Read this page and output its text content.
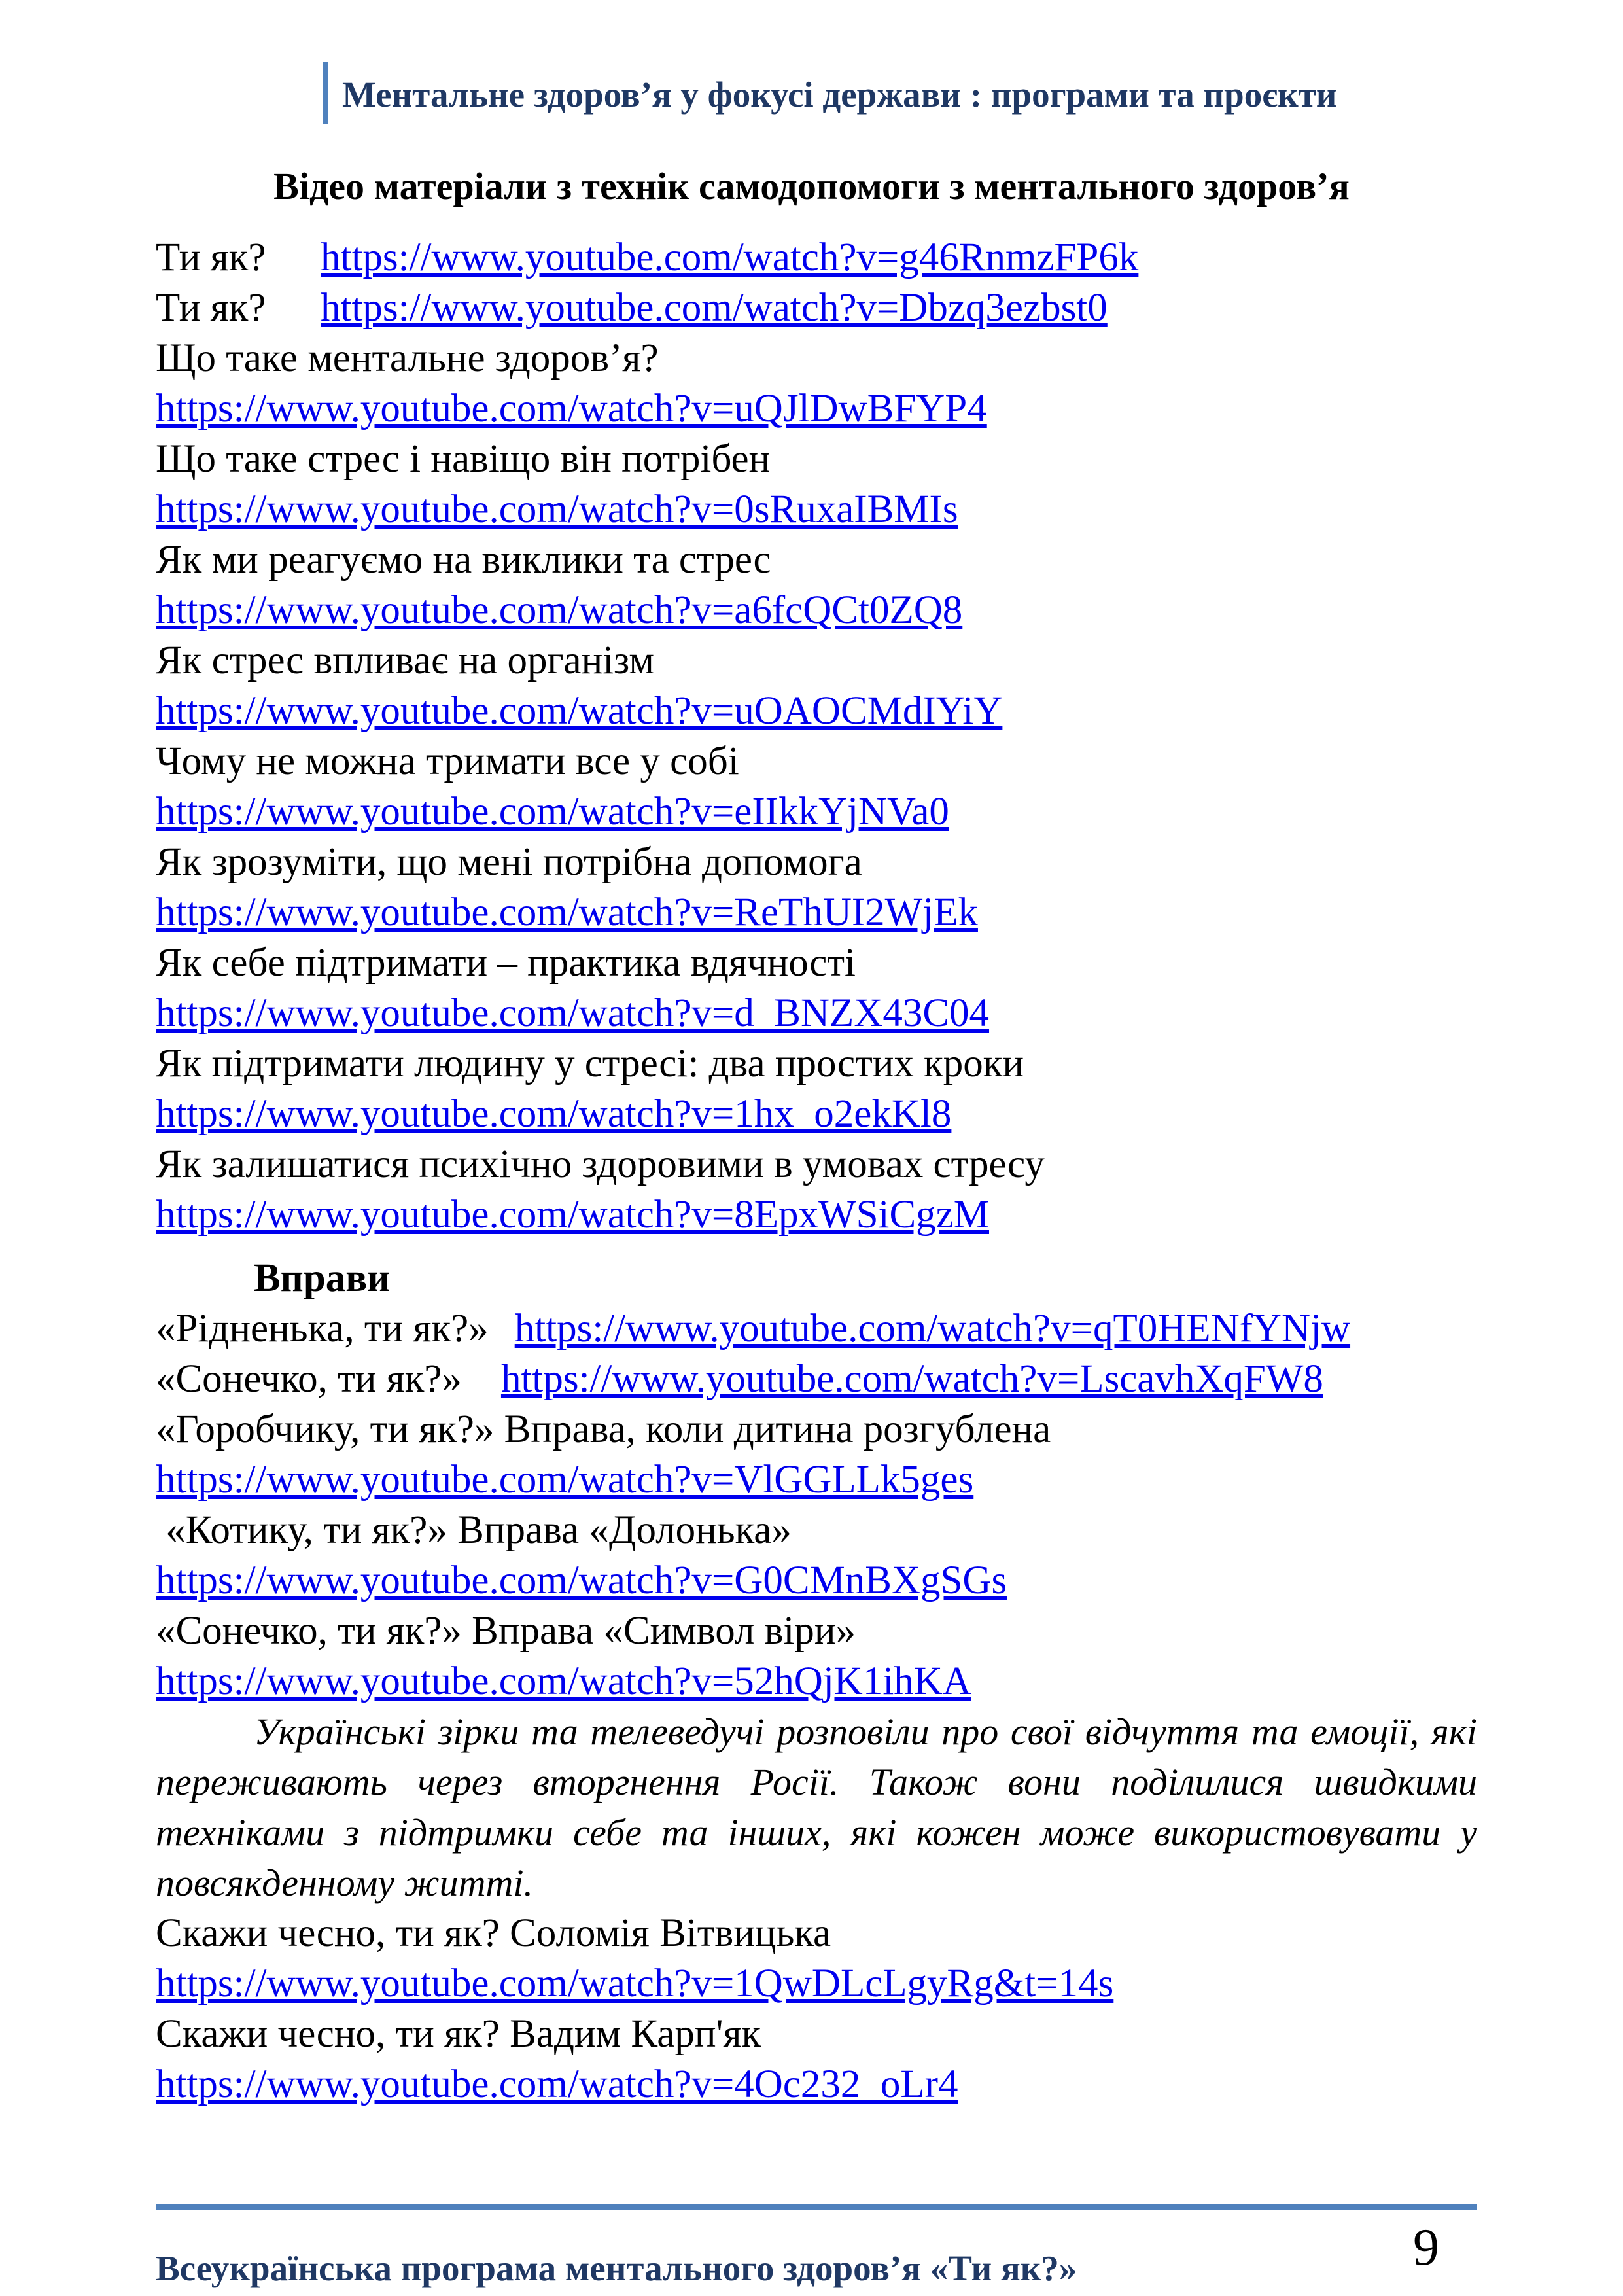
Ментальне здоров’я у фокусі держави : програми та проєкти
Відео матеріали з технік самодопомоги з ментального здоров’я
Ти як? https://www.youtube.com/watch?v=g46RnmzFP6k
Ти як? https://www.youtube.com/watch?v=Dbzq3ezbst0
Що таке ментальне здоров’я?
https://www.youtube.com/watch?v=uQJlDwBFYP4
Що таке стрес і навіщо він потрібен
https://www.youtube.com/watch?v=0sRuxaIBMIs
Як ми реагуємо на виклики та стрес
https://www.youtube.com/watch?v=a6fcQCt0ZQ8
Як стрес впливає на організм
https://www.youtube.com/watch?v=uOAOCMdIYiY
Чому не можна тримати все у собі
https://www.youtube.com/watch?v=eIIkkYjNVa0
Як зрозуміти, що мені потрібна допомога
https://www.youtube.com/watch?v=ReThUI2WjEk
Як себе підтримати – практика вдячності
https://www.youtube.com/watch?v=d_BNZX43C04
Як підтримати людину у стресі: два простих кроки
https://www.youtube.com/watch?v=1hx_o2ekKl8
Як залишатися психічно здоровими в умовах стресу
https://www.youtube.com/watch?v=8EpxWSiCgzM
Вправи
«Рідненька, ти як?» https://www.youtube.com/watch?v=qT0HENfYNjw
«Сонечко, ти як?» https://www.youtube.com/watch?v=LscavhXqFW8
«Горобчику, ти як?» Вправа, коли дитина розгублена
https://www.youtube.com/watch?v=VlGGLLk5ges
«Котику, ти як?» Вправа «Долонька»
https://www.youtube.com/watch?v=G0CMnBXgSGs
«Сонечко, ти як?» Вправа «Символ віри»
https://www.youtube.com/watch?v=52hQjK1ihKA
Українські зірки та телеведучі розповіли про свої відчуття та емоції, які переживають через вторгнення Росії. Також вони поділилися швидкими техніками з підтримки себе та інших, які кожен може використовувати у повсякденному житті.
Скажи чесно, ти як? Соломія Вітвицька
https://www.youtube.com/watch?v=1QwDLcLgyRg&t=14s
Скажи чесно, ти як? Вадим Карп'як
https://www.youtube.com/watch?v=4Oc232_oLr4
9
Всеукраїнська програма ментального здоров’я «Ти як?»
